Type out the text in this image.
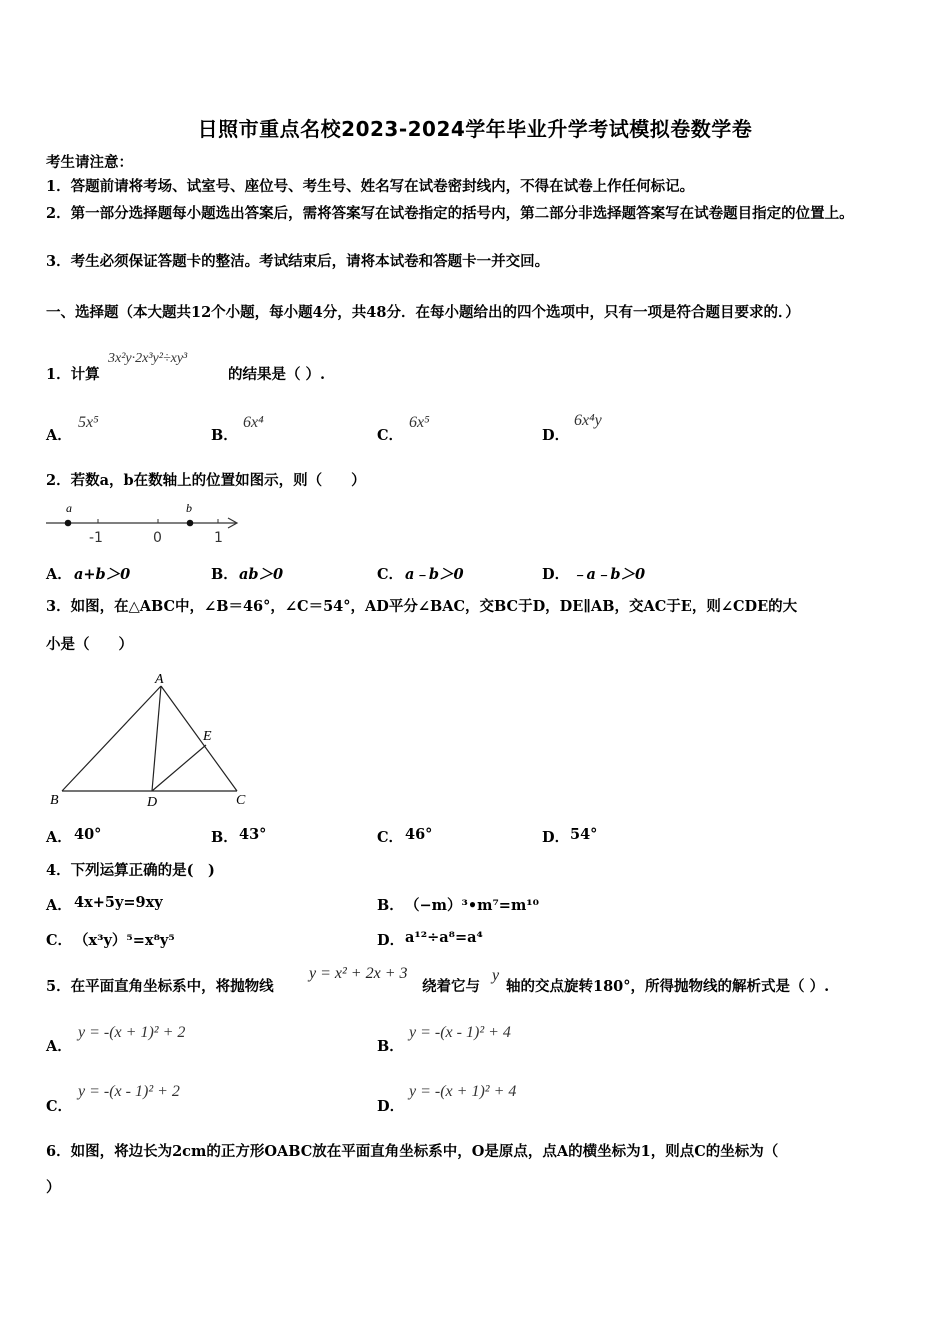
日照市重点名校2023-2024学年毕业升学考试模拟卷数学卷
考生请注意：
1．答题前请将考场、试室号、座位号、考生号、姓名写在试卷密封线内，不得在试卷上作任何标记。
2．第一部分选择题每小题选出答案后，需将答案写在试卷指定的括号内，第二部分非选择题答案写在试卷题目指定的位置上。
3．考生必须保证答题卡的整洁。考试结束后，请将本试卷和答题卡一并交回。
一、选择题（本大题共12个小题，每小题4分，共48分．在每小题给出的四个选项中，只有一项是符合题目要求的．）
1．计算
3x²y·2x³y²÷xy³
的结果是（ ）.
A．
5x⁵
B．
6x⁴
C．
6x⁵
D．
6x⁴y
2．若数a，b在数轴上的位置如图示，则（　　）
a	b
-1	0	1
A． a+b＞0	B． ab＞0	C． a﹣b＞0	D． ﹣a﹣b＞0
3．如图，在△ABC中，∠B＝46°，∠C＝54°，AD平分∠BAC，交BC于D，DE∥AB，交AC于E，则∠CDE的大
小是（　　）
A
B	C
D
E
A． 40°	B． 43°	C． 46°	D． 54°
4．下列运算正确的是(　)
A． 4x+5y=9xy	B． （−m）³•m⁷=m¹⁰
C． （x³y）⁵=x⁸y⁵	D． a¹²÷a⁸=a⁴
5．在平面直角坐标系中，将抛物线
y = x² + 2x + 3
绕着它与
y
轴的交点旋转180°，所得抛物线的解析式是（ ）.
A．
y = -(x + 1)² + 2
B．
y = -(x - 1)² + 4
C．
y = -(x - 1)² + 2
D．
y = -(x + 1)² + 4
6．如图，将边长为2cm的正方形OABC放在平面直角坐标系中，O是原点，点A的横坐标为1，则点C的坐标为（
）
